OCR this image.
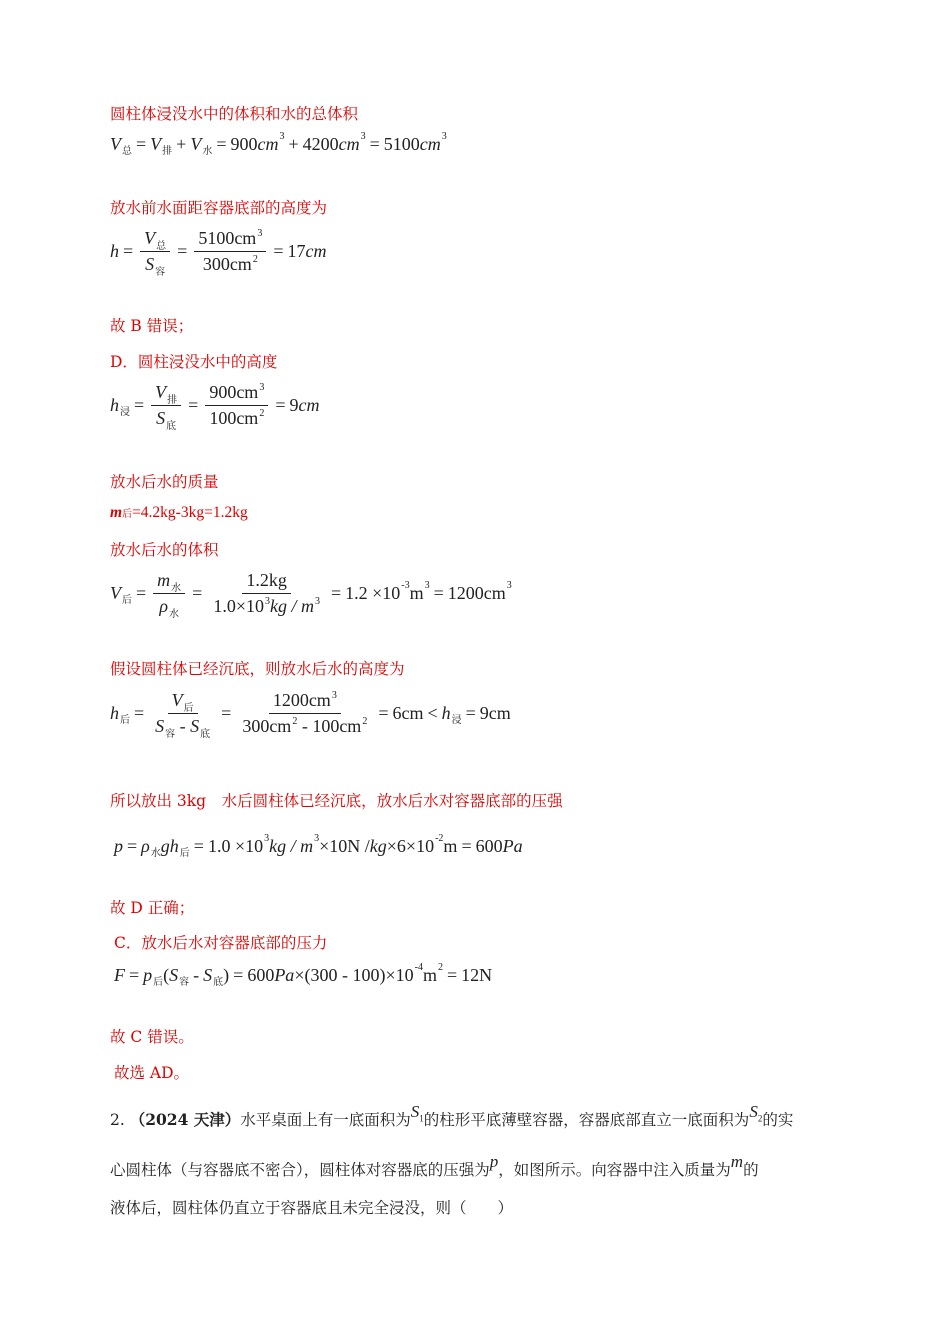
圆柱体浸没水中的体积和水的总体积
V 总 = V 排 + V 水 = 900 cm 3 + 4200 cm 3 = 5100 cm 3
放水前水面距容器底部的高度为
$h = \frac{V_总}{S_容} = \frac{5100cm^3}{300cm^2} = 17$ cm
故 B 错误；
D．圆柱浸没水中的高度
h 浸 = $\frac{V_排}{S_底} = \frac{900cm^3}{100cm^2} = 9$ cm
放水后水的质量
m后=4.2kg-3kg=1.2kg
放水后水的体积
V 后 = $\frac{m_水}{\rho_水} = \frac{1.2kg}{1.0\times 10^3kg / m^3} = 1.2 \times 10$ -3 m 3 = 1200cm 3
假设圆柱体已经沉底，则放水后水的高度为
h 后 = $\frac{V_后}{S_容 - S_底} = \frac{1200cm^3}{300cm^2 - 100cm^2} = 6cm < h$ 浸 = 9cm
所以放出 3kg　水后圆柱体已经沉底，放水后水对容器底部的压强
p = ρ 水 gh 后 = 1.0 ×10 3 kg / m 3 ×10N / kg ×6×10 -2 m = 600 Pa
故 D 正确；
C．放水后水对容器底部的压力
F = p 后 ( S 容 - S 底 ) = 600 Pa ×(300 - 100)×10 -4 m 2 = 12N
故 C 错误。
故选 AD。
2. （2024 天津）水平桌面上有一底面积为$S_1$的柱形平底薄壁容器，容器底部直立一底面积为$S_2$的实
心圆柱体（与容器底不密合），圆柱体对容器底的压强为p，如图所示。向容器中注入质量为m的
液体后，圆柱体仍直立于容器底且未完全浸没，则（　　）
